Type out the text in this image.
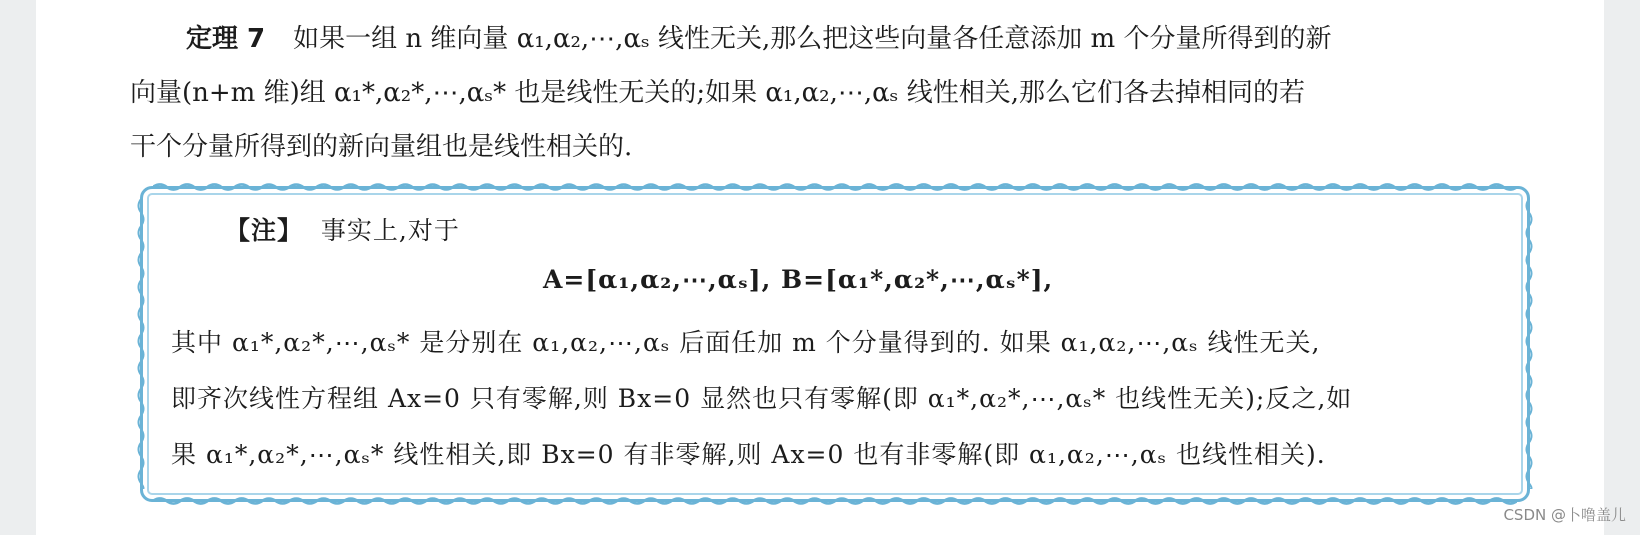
定理 7 如果一组 n 维向量 α₁,α₂,⋯,αₛ 线性无关,那么把这些向量各任意添加 m 个分量所得到的新
向量(n+m 维)组 α₁*,α₂*,⋯,αₛ* 也是线性无关的;如果 α₁,α₂,⋯,αₛ 线性相关,那么它们各去掉相同的若
干个分量所得到的新向量组也是线性相关的.
【注】 事实上,对于
A=[α₁,α₂,⋯,αₛ], B=[α₁*,α₂*,⋯,αₛ*],
其中 α₁*,α₂*,⋯,αₛ* 是分别在 α₁,α₂,⋯,αₛ 后面任加 m 个分量得到的. 如果 α₁,α₂,⋯,αₛ 线性无关,
即齐次线性方程组 Ax=0 只有零解,则 Bx=0 显然也只有零解(即 α₁*,α₂*,⋯,αₛ* 也线性无关);反之,如
果 α₁*,α₂*,⋯,αₛ* 线性相关,即 Bx=0 有非零解,则 Ax=0 也有非零解(即 α₁,α₂,⋯,αₛ 也线性相关).
CSDN @卜噜盖儿
